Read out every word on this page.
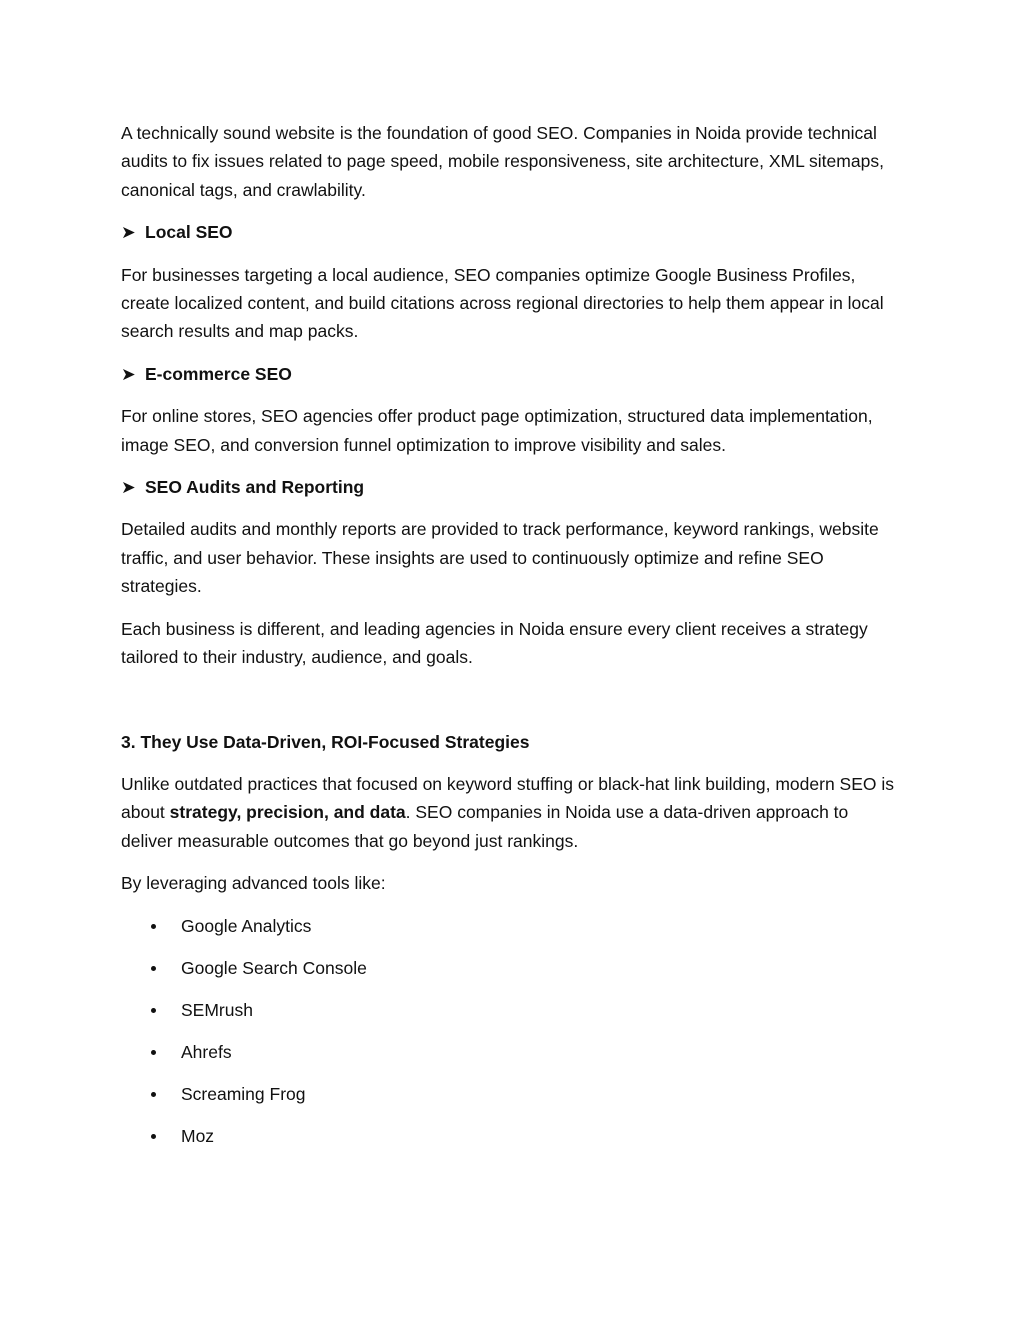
A technically sound website is the foundation of good SEO. Companies in Noida provide technical audits to fix issues related to page speed, mobile responsiveness, site architecture, XML sitemaps, canonical tags, and crawlability.

➤ Local SEO

For businesses targeting a local audience, SEO companies optimize Google Business Profiles, create localized content, and build citations across regional directories to help them appear in local search results and map packs.

➤ E-commerce SEO

For online stores, SEO agencies offer product page optimization, structured data implementation, image SEO, and conversion funnel optimization to improve visibility and sales.

➤ SEO Audits and Reporting

Detailed audits and monthly reports are provided to track performance, keyword rankings, website traffic, and user behavior. These insights are used to continuously optimize and refine SEO strategies.

Each business is different, and leading agencies in Noida ensure every client receives a strategy tailored to their industry, audience, and goals.

3. They Use Data-Driven, ROI-Focused Strategies

Unlike outdated practices that focused on keyword stuffing or black-hat link building, modern SEO is about strategy, precision, and data. SEO companies in Noida use a data-driven approach to deliver measurable outcomes that go beyond just rankings.

By leveraging advanced tools like:

Google Analytics
Google Search Console
SEMrush
Ahrefs
Screaming Frog
Moz
